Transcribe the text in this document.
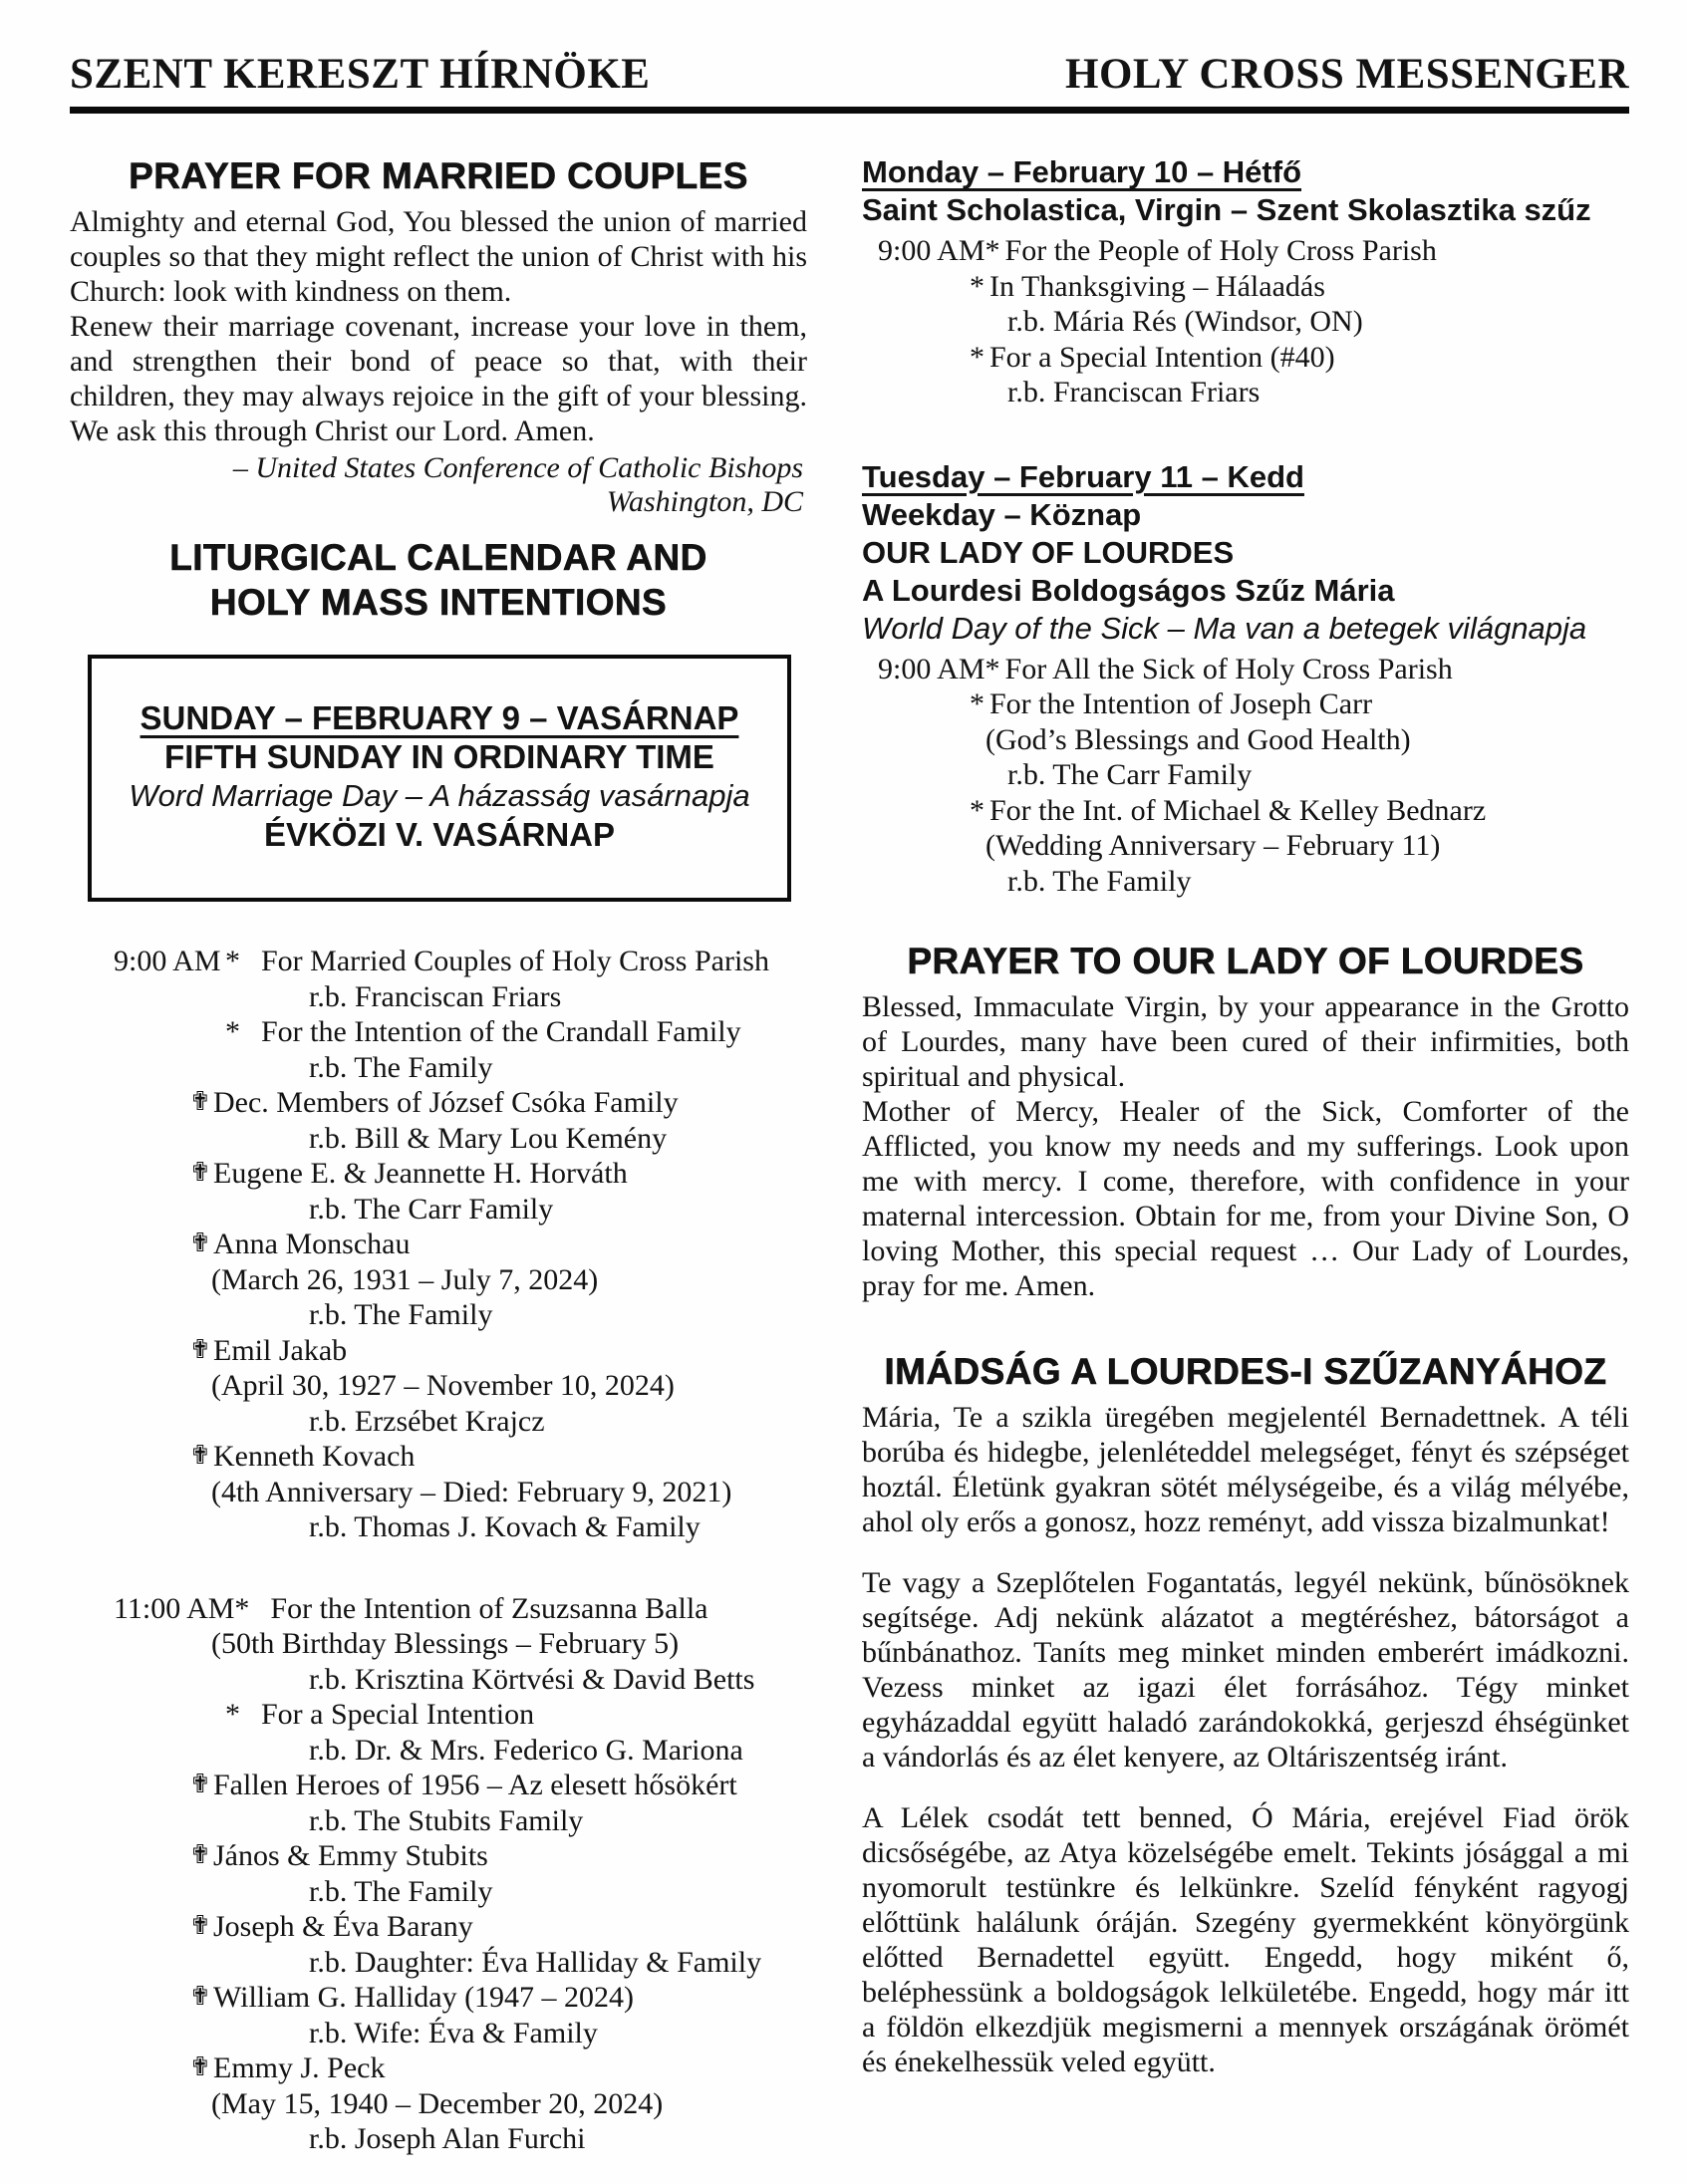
SZENT KERESZT HÍRNÖKE	HOLY CROSS MESSENGER
PRAYER FOR MARRIED COUPLES

Almighty and eternal God, You blessed the union of married couples so that they might reflect the union of Christ with his Church: look with kindness on them.

Renew their marriage covenant, increase your love in them, and strengthen their bond of peace so that, with their children, they may always rejoice in the gift of your blessing. We ask this through Christ our Lord. Amen.

– United States Conference of Catholic Bishops
Washington, DC
LITURGICAL CALENDAR AND
HOLY MASS INTENTIONS
SUNDAY – FEBRUARY 9 – VASÁRNAP
FIFTH SUNDAY IN ORDINARY TIME
Word Marriage Day – A házasság vasárnapja
ÉVKÖZI V. VASÁRNAP
9:00 AM * For Married Couples of Holy Cross Parish
r.b. Franciscan Friars
* For the Intention of the Crandall Family
r.b. The Family
✟ Dec. Members of József Csóka Family
r.b. Bill & Mary Lou Kemény
✟ Eugene E. & Jeannette H. Horváth
r.b. The Carr Family
✟ Anna Monschau
(March 26, 1931 – July 7, 2024)
r.b. The Family
✟ Emil Jakab
(April 30, 1927 – November 10, 2024)
r.b. Erzsébet Krajcz
✟ Kenneth Kovach
(4th Anniversary – Died: February 9, 2021)
r.b. Thomas J. Kovach & Family
11:00 AM * For the Intention of Zsuzsanna Balla
(50th Birthday Blessings – February 5)
r.b. Krisztina Körtvési & David Betts
* For a Special Intention
r.b. Dr. & Mrs. Federico G. Mariona
✟ Fallen Heroes of 1956 – Az elesett hősökért
r.b. The Stubits Family
✟ János & Emmy Stubits
r.b. The Family
✟ Joseph & Éva Barany
r.b. Daughter: Éva Halliday & Family
✟ William G. Halliday (1947 – 2024)
r.b. Wife: Éva & Family
✟ Emmy J. Peck
(May 15, 1940 – December 20, 2024)
r.b. Joseph Alan Furchi
Monday – February 10 – Hétfő
Saint Scholastica, Virgin – Szent Skolasztika szűz
9:00 AM * For the People of Holy Cross Parish
* In Thanksgiving – Hálaadás
r.b. Mária Rés (Windsor, ON)
* For a Special Intention (#40)
r.b. Franciscan Friars
Tuesday – February 11 – Kedd
Weekday – Köznap
OUR LADY OF LOURDES
A Lourdesi Boldogságos Szűz Mária
World Day of the Sick – Ma van a betegek világnapja
9:00 AM * For All the Sick of Holy Cross Parish
* For the Intention of Joseph Carr
(God’s Blessings and Good Health)
r.b. The Carr Family
* For the Int. of Michael & Kelley Bednarz
(Wedding Anniversary – February 11)
r.b. The Family
PRAYER TO OUR LADY OF LOURDES

Blessed, Immaculate Virgin, by your appearance in the Grotto of Lourdes, many have been cured of their infirmities, both spiritual and physical.

Mother of Mercy, Healer of the Sick, Comforter of the Afflicted, you know my needs and my sufferings. Look upon me with mercy. I come, therefore, with confidence in your maternal intercession. Obtain for me, from your Divine Son, O loving Mother, this special request … Our Lady of Lourdes, pray for me. Amen.

IMÁDSÁG A LOURDES-I SZŰZANYÁHOZ

Mária, Te a szikla üregében megjelentél Bernadettnek. A téli borúba és hidegbe, jelenléteddel melegséget, fényt és szépséget hoztál. Életünk gyakran sötét mélységeibe, és a világ mélyébe, ahol oly erős a gonosz, hozz reményt, add vissza bizalmunkat!

Te vagy a Szeplőtelen Fogantatás, legyél nekünk, bűnösöknek segítsége. Adj nekünk alázatot a megtéréshez, bátorságot a bűnbánathoz. Taníts meg minket minden emberért imádkozni. Vezess minket az igazi élet forrásához. Tégy minket egyházaddal együtt haladó zarándokokká, gerjeszd éhségünket a vándorlás és az élet kenyere, az Oltáriszentség iránt.

A Lélek csodát tett benned, Ó Mária, erejével Fiad örök dicsőségébe, az Atya közelségébe emelt. Tekints jósággal a mi nyomorult testünkre és lelkünkre. Szelíd fényként ragyogj előttünk halálunk óráján. Szegény gyermekként könyörgünk előtted Bernadettel együtt. Engedd, hogy miként ő, beléphessünk a boldogságok lelkületébe. Engedd, hogy már itt a földön elkezdjük megismerni a mennyek országának örömét és énekelhessük veled együtt.
